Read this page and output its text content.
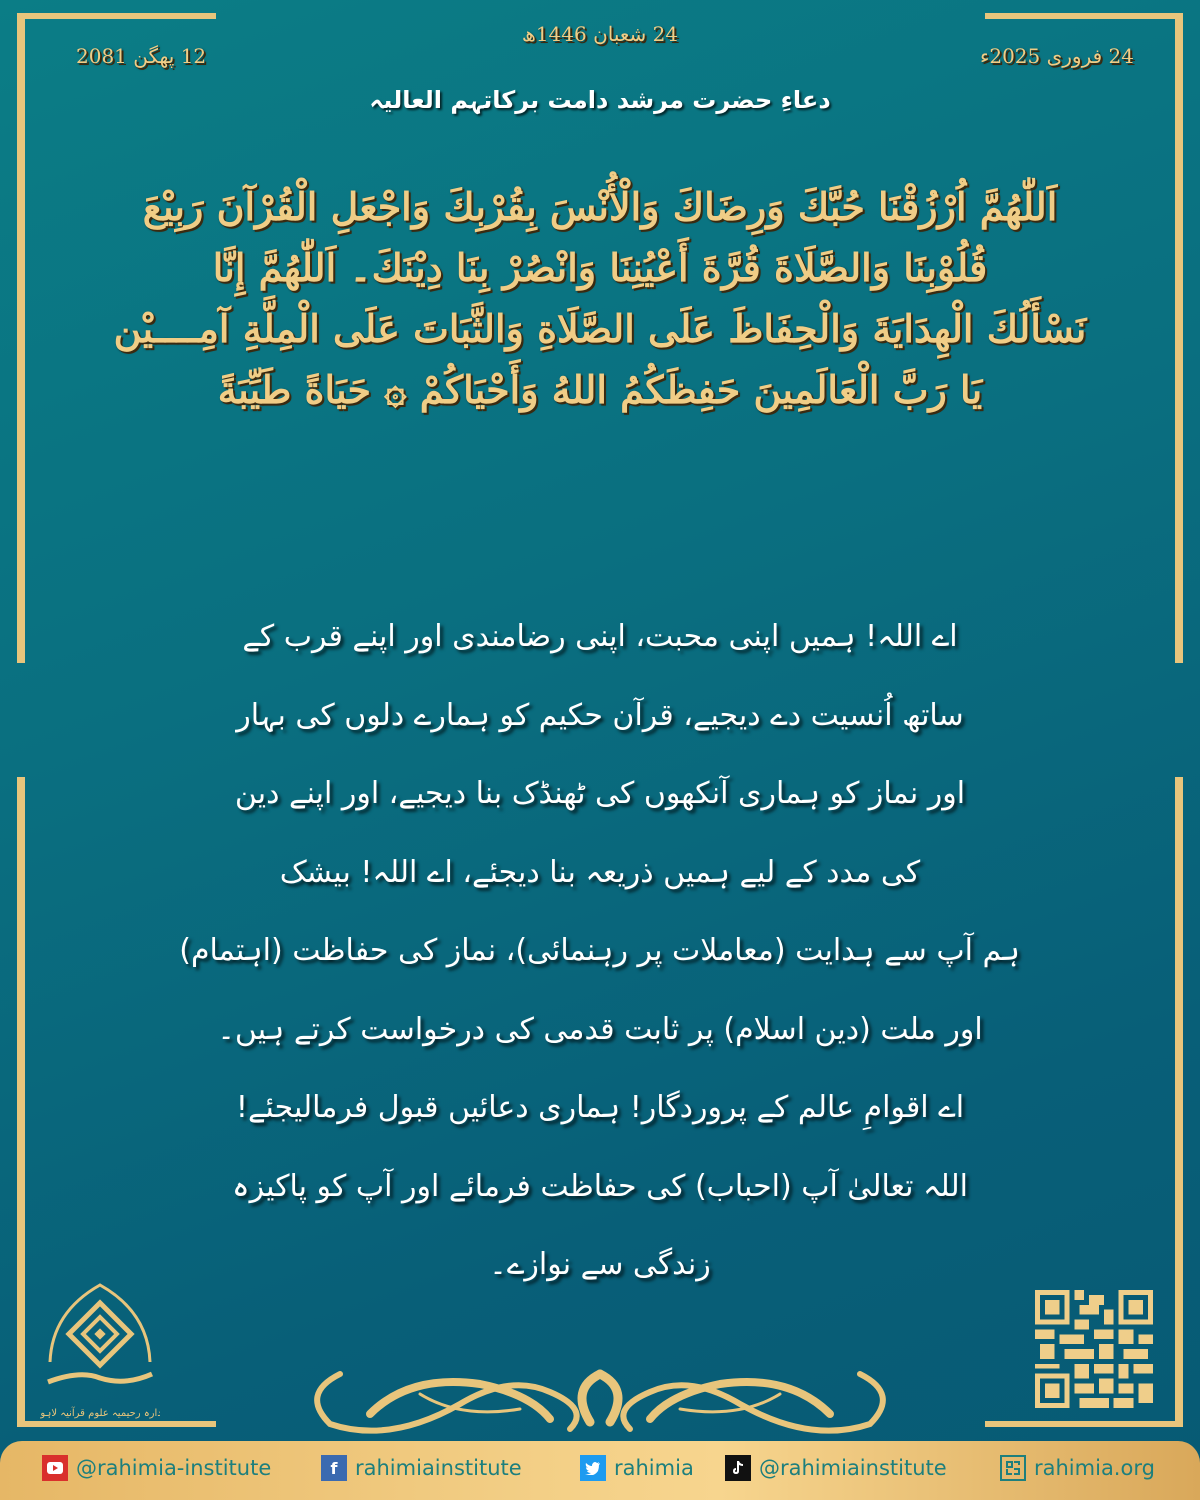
24 شعبان 1446ھ
12 پھگن 2081	24 فروری 2025ء
دعاءِ حضرت مرشد دامت برکاتہم العالیہ
اَللّٰهُمَّ اُرْزُقْنَا حُبَّكَ وَرِضَاكَ وَالْأُنْسَ بِقُرْبِكَ وَاجْعَلِ الْقُرْآنَ رَبِيْعَ
قُلُوْبِنَا وَالصَّلَاةَ قُرَّةَ أَعْيُنِنَا وَانْصُرْ بِنَا دِيْنَكَ۔ اَللّٰهُمَّ إِنَّا
نَسْأَلُكَ الْهِدَايَةَ وَالْحِفَاظَ عَلَى الصَّلَاةِ وَالثَّبَاتَ عَلَى الْمِلَّةِ آمِــــيْن
يَا رَبَّ الْعَالَمِينَ حَفِظَكُمُ اللهُ وَأَحْيَاكُمْ ۞ حَيَاةً طَيِّبَةً
اے اللہ! ہمیں اپنی محبت، اپنی رضامندی اور اپنے قرب کے
ساتھ اُنسیت دے دیجیے، قرآن حکیم کو ہمارے دلوں کی بہار
اور نماز کو ہماری آنکھوں کی ٹھنڈک بنا دیجیے، اور اپنے دین
کی مدد کے لیے ہمیں ذریعہ بنا دیجئے، اے اللہ! بیشک
ہم آپ سے ہدایت (معاملات پر رہنمائی)، نماز کی حفاظت (اہتمام)
اور ملت (دین اسلام) پر ثابت قدمی کی درخواست کرتے ہیں۔
اے اقوامِ عالم کے پروردگار! ہماری دعائیں قبول فرمالیجئے!
اللہ تعالیٰ آپ (احباب) کی حفاظت فرمائے اور آپ کو پاکیزہ
زندگی سے نوازے۔
ادارہ رحیمیہ علوم قرآنیہ لاہور
@rahimia-institute	f rahimiainstitute	rahimia	@rahimiainstitute	rahimia.org
